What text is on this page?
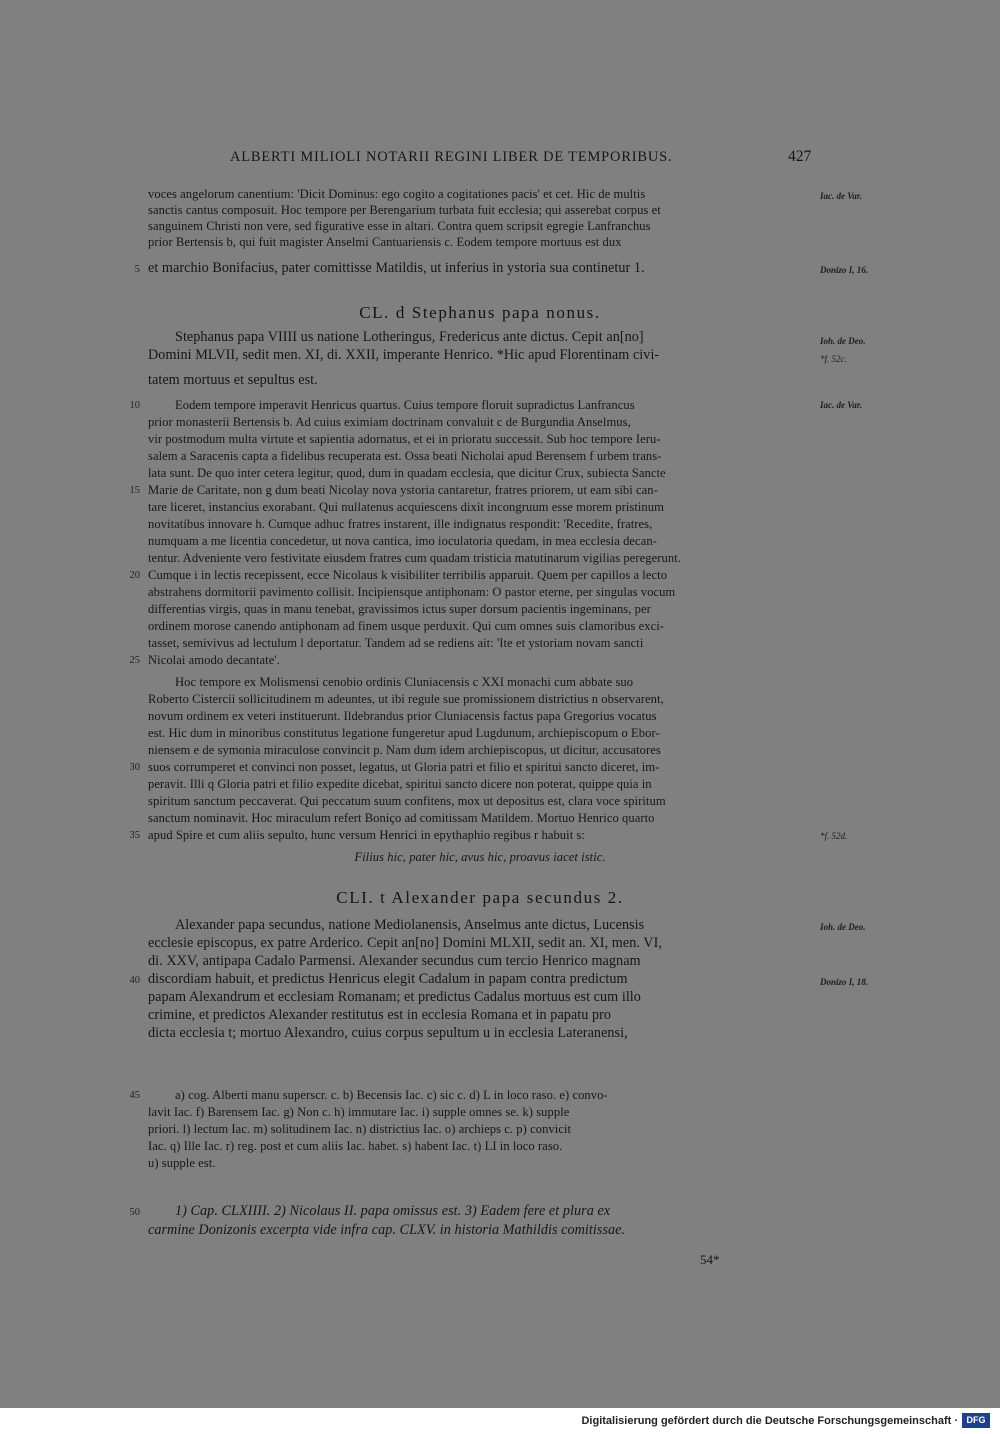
ALBERTI MILIOLI NOTARII REGINI LIBER DE TEMPORIBUS.	427
voces angelorum canentium: 'Dicit Dominus: ego cogito a cogitationes pacis' et cet. Hic de multis
sanctis cantus composuit. Hoc tempore per Berengarium turbata fuit ecclesia; qui asserebat corpus et
sanguinem Christi non vere, sed figurative esse in altari. Contra quem scripsit egregie Lanfranchus
prior Bertensis b, qui fuit magister Anselmi Cantuariensis c. Eodem tempore mortuus est dux
et marchio Bonifacius, pater comittisse Matildis, ut inferius in ystoria sua continetur 1.
CL. d Stephanus papa nonus.
Stephanus papa VIIII us natione Lotheringus, Fredericus ante dictus. Cepit an[no]
Domini MLVII, sedit men. XI, di. XXII, imperante Henrico. *Hic apud Florentinam civi-
tatem mortuus et sepultus est.
Eodem tempore imperavit Henricus quartus. Cuius tempore floruit supradictus Lanfrancus
prior monasterii Bertensis b. Ad cuius eximiam doctrinam convaluit c de Burgundia Anselmus,
vir postmodum multa virtute et sapientia adornatus, et ei in prioratu successit. Sub hoc tempore Ieru-
salem a Saracenis capta a fidelibus recuperata est. Ossa beati Nicholai apud Berensem f urbem trans-
lata sunt. De quo inter cetera legitur, quod, dum in quadam ecclesia, que dicitur Crux, subiecta Sancte
Marie de Caritate, non g dum beati Nicolay nova ystoria cantaretur, fratres priorem, ut eam sibi can-
tare liceret, instancius exorabant. Qui nullatenus acquiescens dixit incongruum esse morem pristinum
novitatibus innovare h. Cumque adhuc fratres instarent, ille indignatus respondit: 'Recedite, fratres,
numquam a me licentia concedetur, ut nova cantica, imo ioculatoria quedam, in mea ecclesia decan-
tentur. Adveniente vero festivitate eiusdem fratres cum quadam tristicia matutinarum vigilias peregerunt.
Cumque i in lectis recepissent, ecce Nicolaus k visibiliter terribilis apparuit. Quem per capillos a lecto
abstrahens dormitorii pavimento collisit. Incipiensque antiphonam: O pastor eterne, per singulas vocum
differentias virgis, quas in manu tenebat, gravissimos ictus super dorsum pacientis ingeminans, per
ordinem morose canendo antiphonam ad finem usque perduxit. Qui cum omnes suis clamoribus exci-
tasset, semivivus ad lectulum l deportatur. Tandem ad se rediens ait: 'Ite et ystoriam novam sancti
Nicolai amodo decantate'.
Hoc tempore ex Molismensi cenobio ordinis Cluniacensis c XXI monachi cum abbate suo
Roberto Cistercii sollicitudinem m adeuntes, ut ibi regule sue promissionem districtius n observarent,
novum ordinem ex veteri instituerunt. Ildebrandus prior Cluniacensis factus papa Gregorius vocatus
est. Hic dum in minoribus constitutus legatione fungeretur apud Lugdunum, archiepiscopum o Ebor-
niensem e de symonia miraculose convincit p. Nam dum idem archiepiscopus, ut dicitur, accusatores
suos corrumperet et convinci non posset, legatus, ut Gloria patri et filio et spiritui sancto diceret, im-
peravit. Illi q Gloria patri et filio expedite dicebat, spiritui sancto dicere non poterat, quippe quia in
spiritum sanctum peccaverat. Qui peccatum suum confitens, mox ut depositus est, clara voce spiritum
sanctum nominavit. Hoc miraculum refert Boniço ad comitissam Matildem. Mortuo Henrico quarto
apud Spire et cum aliis sepulto, hunc versum Henrici in epythaphio regibus r habuit s:
Filius hic, pater hic, avus hic, proavus iacet istic.
CLI. t Alexander papa secundus 2.
Alexander papa secundus, natione Mediolanensis, Anselmus ante dictus, Lucensis
ecclesie episcopus, ex patre Arderico. Cepit an[no] Domini MLXII, sedit an. XI, men. VI,
di. XXV, antipapa Cadalo Parmensi. Alexander secundus cum tercio Henrico magnam
discordiam habuit, et predictus Henricus elegit Cadalum in papam contra predictum
papam Alexandrum et ecclesiam Romanam; et predictus Cadalus mortuus est cum illo
crimine, et predictos Alexander restitutus est in ecclesia Romana et in papatu pro
dicta ecclesia t; mortuo Alexandro, cuius corpus sepultum u in ecclesia Lateranensi,
a) cog. Alberti manu superscr. c. b) Becensis Iac. c) sic c. d) L in loco raso. e) convo-
lavit Iac. f) Barensem Iac. g) Non c. h) immutare Iac. i) supple omnes se. k) supple
priori. l) lectum Iac. m) solitudinem Iac. n) districtius Iac. o) archieps c. p) convicit
Iac. q) Ille Iac. r) reg. post et cum aliis Iac. habet. s) habent Iac. t) LI in loco raso.
u) supple est.
1) Cap. CLXIIII. 2) Nicolaus II. papa omissus est. 3) Eadem fere et plura ex
carmine Donizonis excerpta vide infra cap. CLXV. in historia Mathildis comitissae.
54*
5
10
15
20
25
30
35
40
45
50
Iac. de Var.
Donizo I, 16.
Ioh. de Deo.
*f. 52c.
Iac. de Var.
*f. 52d.
Ioh. de Deo.
Donizo I, 18.
Digitalisierung gefördert durch die Deutsche Forschungsgemeinschaft · DFG
